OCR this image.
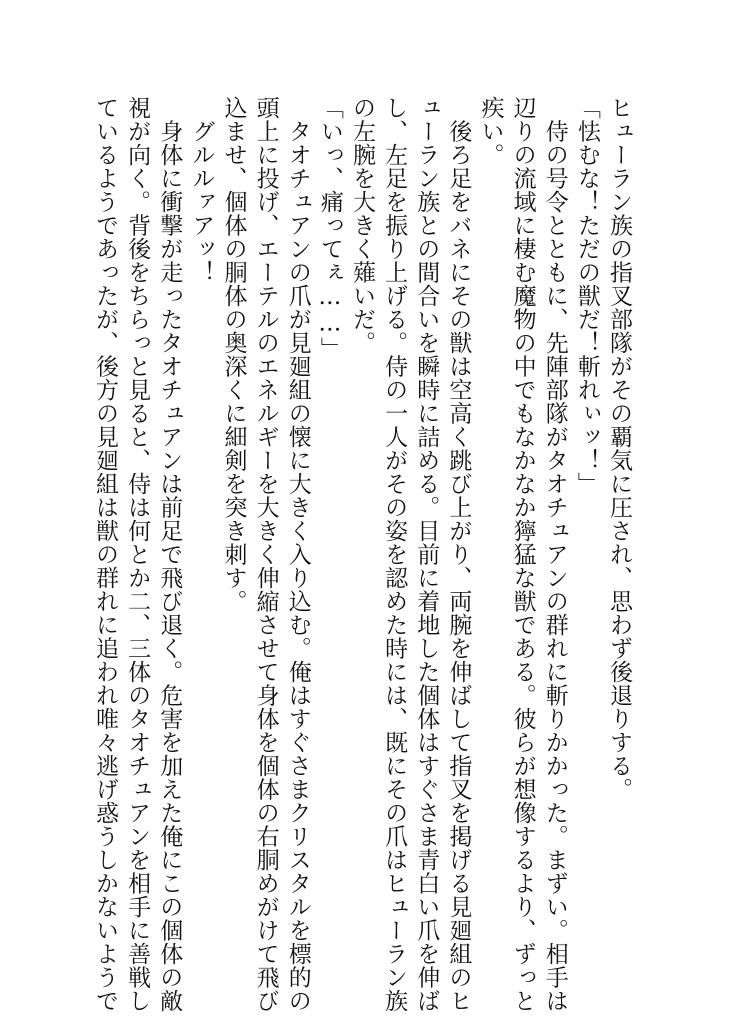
ヒューラン族の指叉部隊がその覇気に圧され、思わず後退りする。
「怯むな！ただの獣だ！斬れぃッ！」
　侍の号令とともに、先陣部隊がタオチュアンの群れに斬りかかった。まずい。相手は
辺りの流域に棲む魔物の中でもなかなか獰猛な獣である。彼らが想像するより、ずっと
疾い。
　後ろ足をバネにその獣は空高く跳び上がり、両腕を伸ばして指叉を掲げる見廻組のヒ
ューラン族との間合いを瞬時に詰める。目前に着地した個体はすぐさま青白い爪を伸ば
し、左足を振り上げる。侍の一人がその姿を認めた時には、既にその爪はヒューラン族
の左腕を大きく薙いだ。
「いっ、痛ってぇ……」
　タオチュアンの爪が見廻組の懐に大きく入り込む。俺はすぐさまクリスタルを標的の
頭上に投げ、エーテルのエネルギーを大きく伸縮させて身体を個体の右胴めがけて飛び
込ませ、個体の胴体の奥深くに細剣を突き刺す。
　グルルァアッ！
　身体に衝撃が走ったタオチュアンは前足で飛び退く。危害を加えた俺にこの個体の敵
視が向く。背後をちらっと見ると、侍は何とか二、三体のタオチュアンを相手に善戦し
ているようであったが、後方の見廻組は獣の群れに追われ唯々逃げ惑うしかないようで
